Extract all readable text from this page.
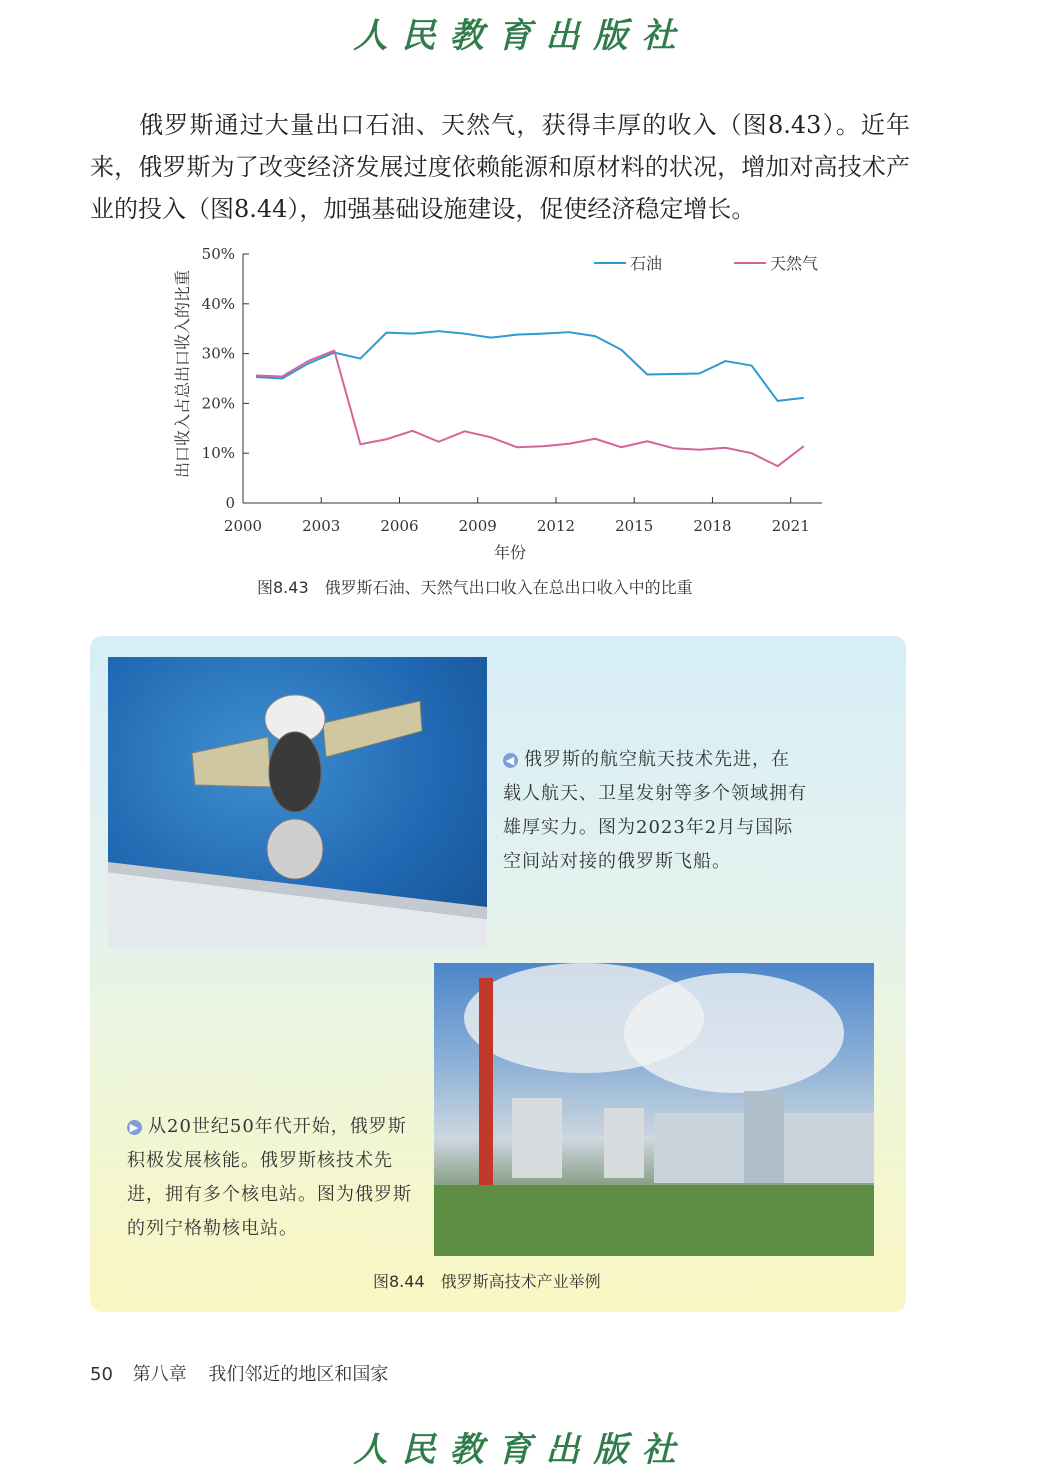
人民教育出版社

俄罗斯通过大量出口石油、天然气，获得丰厚的收入（图8.43）。近年来，俄罗斯为了改变经济发展过度依赖能源和原材料的状况，增加对高技术产业的投入（图8.44），加强基础设施建设，促使经济稳定增长。

0
10%
20%
30%
40%
50%
2000	2003	2006	2009	2012	2015	2018	2021
石油	天然气
出口收入占总出口收入的比重
年份

图8.43　俄罗斯石油、天然气出口收入在总出口收入中的比重

◀ 俄罗斯的航空航天技术先进，在载人航天、卫星发射等多个领域拥有雄厚实力。图为2023年2月与国际空间站对接的俄罗斯飞船。

▶ 从20世纪50年代开始，俄罗斯积极发展核能。俄罗斯核技术先进，拥有多个核电站。图为俄罗斯的列宁格勒核电站。

图8.44　俄罗斯高技术产业举例

50 第八章 我们邻近的地区和国家
人民教育出版社
